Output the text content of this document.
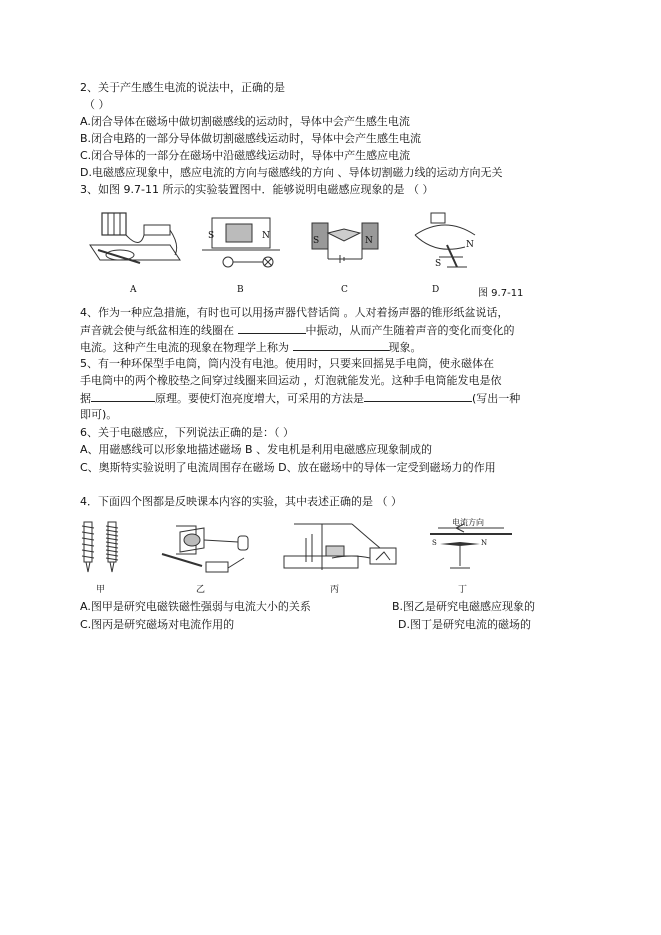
2、关于产生感生电流的说法中，正确的是
（ ）
A.闭合导体在磁场中做切割磁感线的运动时，导体中会产生感生电流
B.闭合电路的一部分导体做切割磁感线运动时，导体中会产生感生电流
C.闭合导体的一部分在磁场中沿磁感线运动时，导体中产生感应电流
D.电磁感应现象中，感应电流的方向与磁感线的方向 、导体切割磁力线的运动方向无关
3、如图 9.7-11 所示的实验装置图中．能够说明电磁感应现象的是 （ ）
A
S	N
B
S	N
C
N
S
D	图 9.7-11
4、作为一种应急措施，有时也可以用扬声器代替话筒 。人对着扬声器的锥形纸盆说话，
声音就会使与纸盆相连的线圈在	中振动，从而产生随着声音的变化而变化的
电流。这种产生电流的现象在物理学上称为	现象。
5、有一种环保型手电筒，筒内没有电池。使用时，只要来回摇晃手电筒，使永磁体在
手电筒中的两个橡胶垫之间穿过线圈来回运动 ，灯泡就能发光。这种手电筒能发电是依
据	原理。要使灯泡亮度增大，可采用的方法是	(写出一种
即可)。
6、关于电磁感应，下列说法正确的是：（ ）
A、用磁感线可以形象地描述磁场 B 、发电机是利用电磁感应现象制成的
C、奥斯特实验说明了电流周围存在磁场 D、放在磁场中的导体一定受到磁场力的作用
4．下面四个图都是反映课本内容的实验，其中表述正确的是 （ ）
甲	乙	丙
电流方向
S	N
丁
A.图甲是研究电磁铁磁性强弱与电流大小的关系	B.图乙是研究电磁感应现象的
C.图丙是研究磁场对电流作用的	D.图丁是研究电流的磁场的
